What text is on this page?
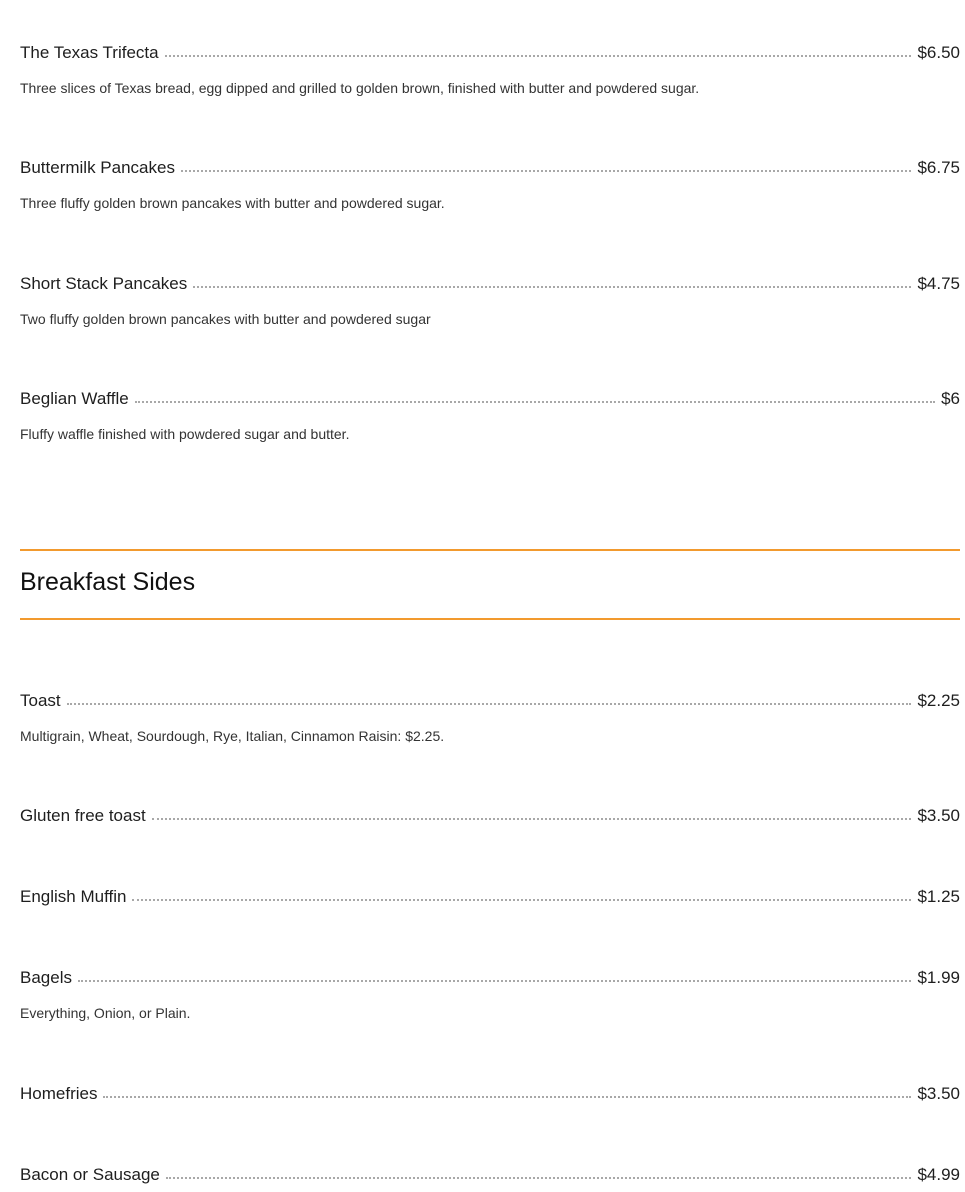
The Texas Trifecta	$6.50
Three slices of Texas bread, egg dipped and grilled to golden brown, finished with butter and powdered sugar.
Buttermilk Pancakes	$6.75
Three fluffy golden brown pancakes with butter and powdered sugar.
Short Stack Pancakes	$4.75
Two fluffy golden brown pancakes with butter and powdered sugar
Beglian Waffle	$6
Fluffy waffle finished with powdered sugar and butter.
Breakfast Sides
Toast	$2.25
Multigrain, Wheat, Sourdough, Rye, Italian, Cinnamon Raisin: $2.25.
Gluten free toast	$3.50
English Muffin	$1.25
Bagels	$1.99
Everything, Onion, or Plain.
Homefries	$3.50
Bacon or Sausage	$4.99
